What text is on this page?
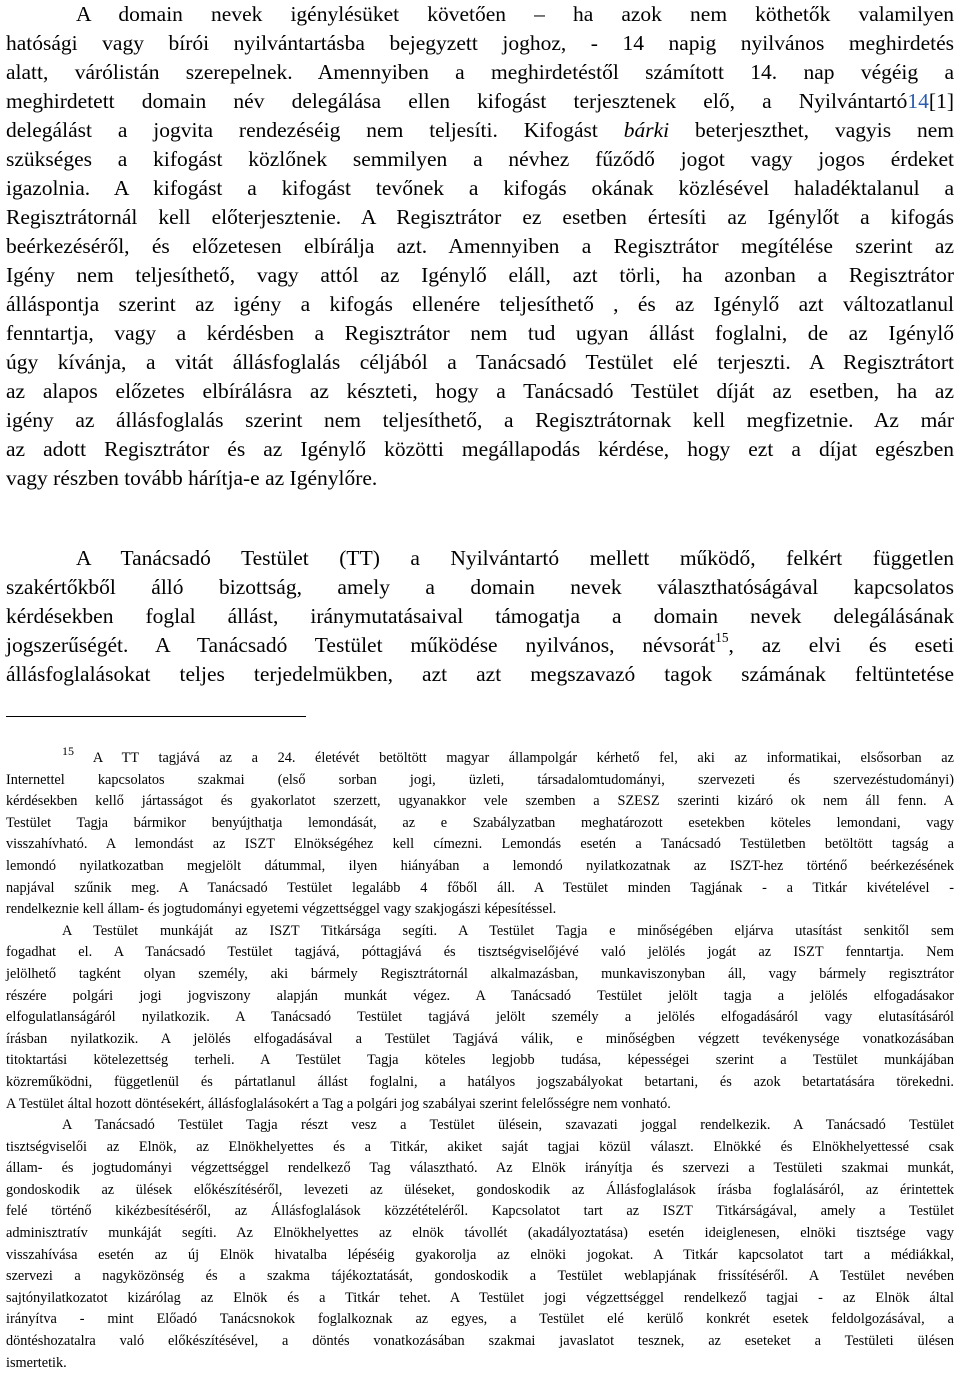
A domain nevek igénylésüket követően – ha azok nem köthetők valamilyen
hatósági vagy bírói nyilvántartásba bejegyzett joghoz, - 14 napig nyilvános meghirdetés
alatt, várólistán szerepelnek. Amennyiben a meghirdetéstől számított 14. nap végéig a
meghirdetett domain név delegálása ellen kifogást terjesztenek elő, a Nyilvántartó14[1]
delegálást a jogvita rendezéséig nem teljesíti. Kifogást bárki beterjeszthet, vagyis nem
szükséges a kifogást közlőnek semmilyen a névhez fűződő jogot vagy jogos érdeket
igazolnia. A kifogást a kifogást tevőnek a kifogás okának közlésével haladéktalanul a
Regisztrátornál kell előterjesztenie. A Regisztrátor ez esetben értesíti az Igénylőt a kifogás
beérkezéséről, és előzetesen elbírálja azt. Amennyiben a Regisztrátor megítélése szerint az
Igény nem teljesíthető, vagy attól az Igénylő eláll, azt törli, ha azonban a Regisztrátor
álláspontja szerint az igény a kifogás ellenére teljesíthető , és az Igénylő azt változatlanul
fenntartja, vagy a kérdésben a Regisztrátor nem tud ugyan állást foglalni, de az Igénylő
úgy kívánja, a vitát állásfoglalás céljából a Tanácsadó Testület elé terjeszti. A Regisztrátort
az alapos előzetes elbírálásra az készteti, hogy a Tanácsadó Testület díját az esetben, ha az
igény az állásfoglalás szerint nem teljesíthető, a Regisztrátornak kell megfizetnie. Az már
az adott Regisztrátor és az Igénylő közötti megállapodás kérdése, hogy ezt a díjat egészben
vagy részben tovább hárítja-e az Igénylőre.
A Tanácsadó Testület (TT) a Nyilvántartó mellett működő, felkért független
szakértőkből álló bizottság, amely a domain nevek választhatóságával kapcsolatos
kérdésekben foglal állást, iránymutatásaival támogatja a domain nevek delegálásának
jogszerűségét. A Tanácsadó Testület működése nyilvános, névsorát$^{15}$, az elvi és eseti
állásfoglalásokat teljes terjedelmükben, azt azt megszavazó tagok számának feltüntetése
$^{15}$ A TT tagjává az a 24. életévét betöltött magyar állampolgár kérhető fel, aki az informatikai, elsősorban az
Internettel kapcsolatos szakmai (első sorban jogi, üzleti, társadalomtudományi, szervezeti és szervezéstudományi)
kérdésekben kellő jártasságot és gyakorlatot szerzett, ugyanakkor vele szemben a SZESZ szerinti kizáró ok nem áll fenn. A
Testület Tagja bármikor benyújthatja lemondását, az e Szabályzatban meghatározott esetekben köteles lemondani, vagy
visszahívható. A lemondást az ISZT Elnökségéhez kell címezni. Lemondás esetén a Tanácsadó Testületben betöltött tagság a
lemondó nyilatkozatban megjelölt dátummal, ilyen hiányában a lemondó nyilatkozatnak az ISZT-hez történő beérkezésének
napjával szűnik meg. A Tanácsadó Testület legalább 4 főből áll. A Testület minden Tagjának - a Titkár kivételével -
rendelkeznie kell állam- és jogtudományi egyetemi végzettséggel vagy szakjogászi képesítéssel.
A Testület munkáját az ISZT Titkársága segíti. A Testület Tagja e minőségében eljárva utasítást senkitől sem
fogadhat el. A Tanácsadó Testület tagjává, póttagjává és tisztségviselőjévé való jelölés jogát az ISZT fenntartja. Nem
jelölhető tagként olyan személy, aki bármely Regisztrátornál alkalmazásban, munkaviszonyban áll, vagy bármely regisztrátor
részére polgári jogi jogviszony alapján munkát végez. A Tanácsadó Testület jelölt tagja a jelölés elfogadásakor
elfogulatlanságáról nyilatkozik. A Tanácsadó Testület tagjává jelölt személy a jelölés elfogadásáról vagy elutasításáról
írásban nyilatkozik. A jelölés elfogadásával a Testület Tagjává válik, e minőségben végzett tevékenysége vonatkozásában
titoktartási kötelezettség terheli. A Testület Tagja köteles legjobb tudása, képességei szerint a Testület munkájában
közreműködni, függetlenül és pártatlanul állást foglalni, a hatályos jogszabályokat betartani, és azok betartatására törekedni.
A Testület által hozott döntésekért, állásfoglalásokért a Tag a polgári jog szabályai szerint felelősségre nem vonható.
A Tanácsadó Testület Tagja részt vesz a Testület ülésein, szavazati joggal rendelkezik. A Tanácsadó Testület
tisztségviselői az Elnök, az Elnökhelyettes és a Titkár, akiket saját tagjai közül választ. Elnökké és Elnökhelyettessé csak
állam- és jogtudományi végzettséggel rendelkező Tag választható. Az Elnök irányítja és szervezi a Testületi szakmai munkát,
gondoskodik az ülések előkészítéséről, levezeti az üléseket, gondoskodik az Állásfoglalások írásba foglalásáról, az érintettek
felé történő kikézbesítéséről, az Állásfoglalások közzétételéről. Kapcsolatot tart az ISZT Titkárságával, amely a Testület
adminisztratív munkáját segíti. Az Elnökhelyettes az elnök távollét (akadályoztatása) esetén ideiglenesen, elnöki tisztsége vagy
visszahívása esetén az új Elnök hivatalba lépéséig gyakorolja az elnöki jogokat. A Titkár kapcsolatot tart a médiákkal,
szervezi a nagyközönség és a szakma tájékoztatását, gondoskodik a Testület weblapjának frissítéséről. A Testület nevében
sajtónyilatkozatot kizárólag az Elnök és a Titkár tehet. A Testület jogi végzettséggel rendelkező tagjai - az Elnök által
irányítva - mint Előadó Tanácsnokok foglalkoznak az egyes, a Testület elé kerülő konkrét esetek feldolgozásával, a
döntéshozatalra való előkészítésével, a döntés vonatkozásában szakmai javaslatot tesznek, az eseteket a Testületi ülésen
ismertetik.
